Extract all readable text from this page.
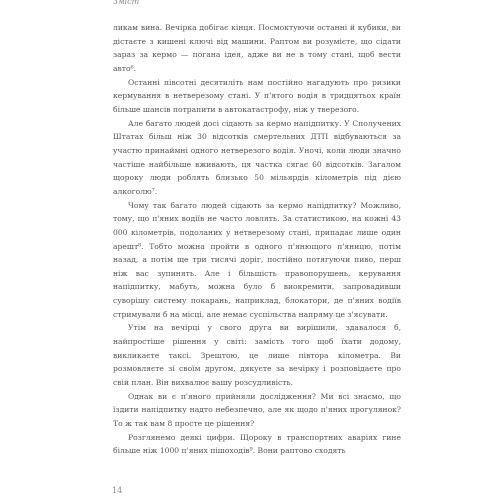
Зміст

ликам вина. Вечірка добігає кінця. Посмоктуючи останні й кубики, ви дістаєте з кишені ключі від машини. Раптом ви розумієте, що сідати зараз за кермо — погана ідея, адже ви не в тому стані, щоб вести авто⁶.

Останні півсотні десятиліть нам постійно нагадують про ризики кермування в нетверезому стані. У п'ятого водія в тридцятьох країн більше шансів потрапити в автокатастрофу, ніж у тверезого.

Але багато людей досі сідають за кермо напідпитку. У Сполучених Штатах більш ніж 30 відсотків смертельних ДТП відбуваються за участю принаймні одного нетверезого водія. Уночі, коли люди значно частіше найбільше вживають, ця частка сягає 60 відсотків. Загалом щороку люди роблять близько 50 мільярдів кілометрів під дією алкоголю⁷.

Чому так багато людей сідають за кермо напідпитку? Можливо, тому, що п'яних водіїв не часто ловлять. За статистикою, на кожні 43 000 кілометрів, подоланих у нетверезому стані, припадає лише один арешт⁸. Тобто можна пройти в одного п'янющого п'яницю, потім назад, а потім ще три тисячі доріг, постійно потягуючи пиво, перш ніж вас зупинять. Але і більшість правопорушень, керування напідпитку, мабуть, можна було б виокремити, запровадивши суворішу систему покарань, наприклад, блокатори, де п'яних водіїв стримували б на місці, але немає суспільства напряму це з'ясувати.

Утім на вечірці у свого друга ви вирішили, здавалося б, найпростіше рішення у світі: замість того щоб їхати додому, викликаєте таксі. Зрештою, це лише півтора кілометра. Ви розмовляєте зі своїм другом, дякуєте за вечірку і розповідаєте про свій план. Він вихвалює вашу розсудливість.

Однак ви є п'яного прийняли дослідження? Ми всі знаємо, що їздити напідпитку надто небезпечно, але як щодо п'яних прогулянок? То ж так вам 8 просте це рішення?

Розглянемо деякі цифри. Щороку в транспортних аваріях гине більше ніж 1000 п'яних пішоходів⁹. Вони раптово сходять

14
